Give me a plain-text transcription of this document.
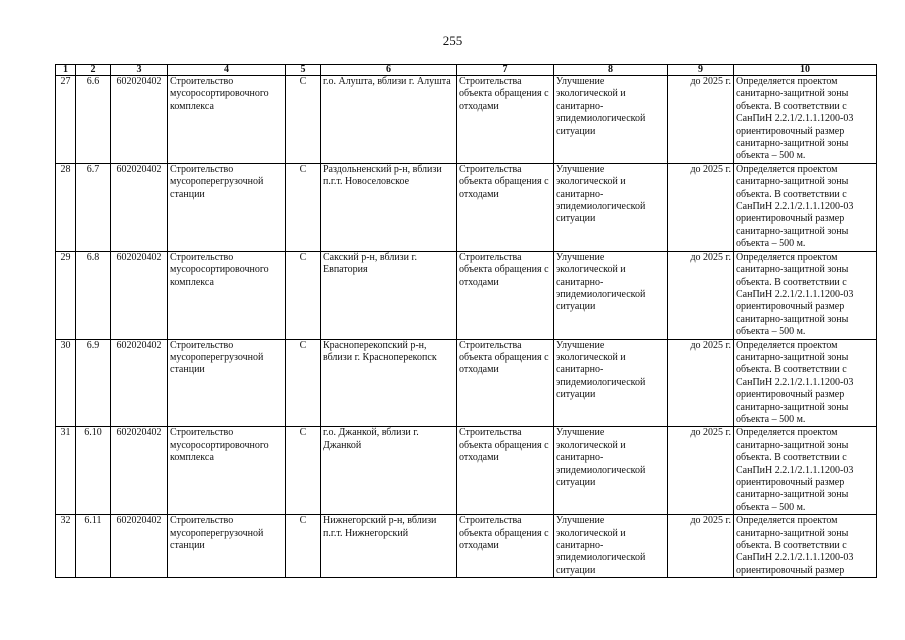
255
1	2	3	4	5	6	7	8	9	10
27	6.6	602020402	Строительство мусоросортировочного комплекса	С	г.о. Алушта, вблизи г. Алушта	Строительства объекта обращения с отходами	Улучшение экологической и санитарно-эпидемиологической ситуации	до 2025 г.	Определяется проектом санитарно-защитной зоны объекта. В соответствии с СанПиН 2.2.1/2.1.1.1200-03 ориентировочный размер санитарно-защитной зоны объекта – 500 м.
28	6.7	602020402	Строительство мусороперегрузочной станции	С	Раздольненский р-н, вблизи п.г.т. Новоселовское	Строительства объекта обращения с отходами	Улучшение экологической и санитарно-эпидемиологической ситуации	до 2025 г.	Определяется проектом санитарно-защитной зоны объекта. В соответствии с СанПиН 2.2.1/2.1.1.1200-03 ориентировочный размер санитарно-защитной зоны объекта – 500 м.
29	6.8	602020402	Строительство мусоросортировочного комплекса	С	Сакский р-н, вблизи г. Евпатория	Строительства объекта обращения с отходами	Улучшение экологической и санитарно-эпидемиологической ситуации	до 2025 г.	Определяется проектом санитарно-защитной зоны объекта. В соответствии с СанПиН 2.2.1/2.1.1.1200-03 ориентировочный размер санитарно-защитной зоны объекта – 500 м.
30	6.9	602020402	Строительство мусороперегрузочной станции	С	Красноперекопский р-н, вблизи г. Красноперекопск	Строительства объекта обращения с отходами	Улучшение экологической и санитарно-эпидемиологической ситуации	до 2025 г.	Определяется проектом санитарно-защитной зоны объекта. В соответствии с СанПиН 2.2.1/2.1.1.1200-03 ориентировочный размер санитарно-защитной зоны объекта – 500 м.
31	6.10	602020402	Строительство мусоросортировочного комплекса	С	г.о. Джанкой, вблизи г. Джанкой	Строительства объекта обращения с отходами	Улучшение экологической и санитарно-эпидемиологической ситуации	до 2025 г.	Определяется проектом санитарно-защитной зоны объекта. В соответствии с СанПиН 2.2.1/2.1.1.1200-03 ориентировочный размер санитарно-защитной зоны объекта – 500 м.
32	6.11	602020402	Строительство мусороперегрузочной станции	С	Нижнегорский р-н, вблизи п.г.т. Нижнегорский	Строительства объекта обращения с отходами	Улучшение экологической и санитарно-эпидемиологической ситуации	до 2025 г.	Определяется проектом санитарно-защитной зоны объекта. В соответствии с СанПиН 2.2.1/2.1.1.1200-03 ориентировочный размер
